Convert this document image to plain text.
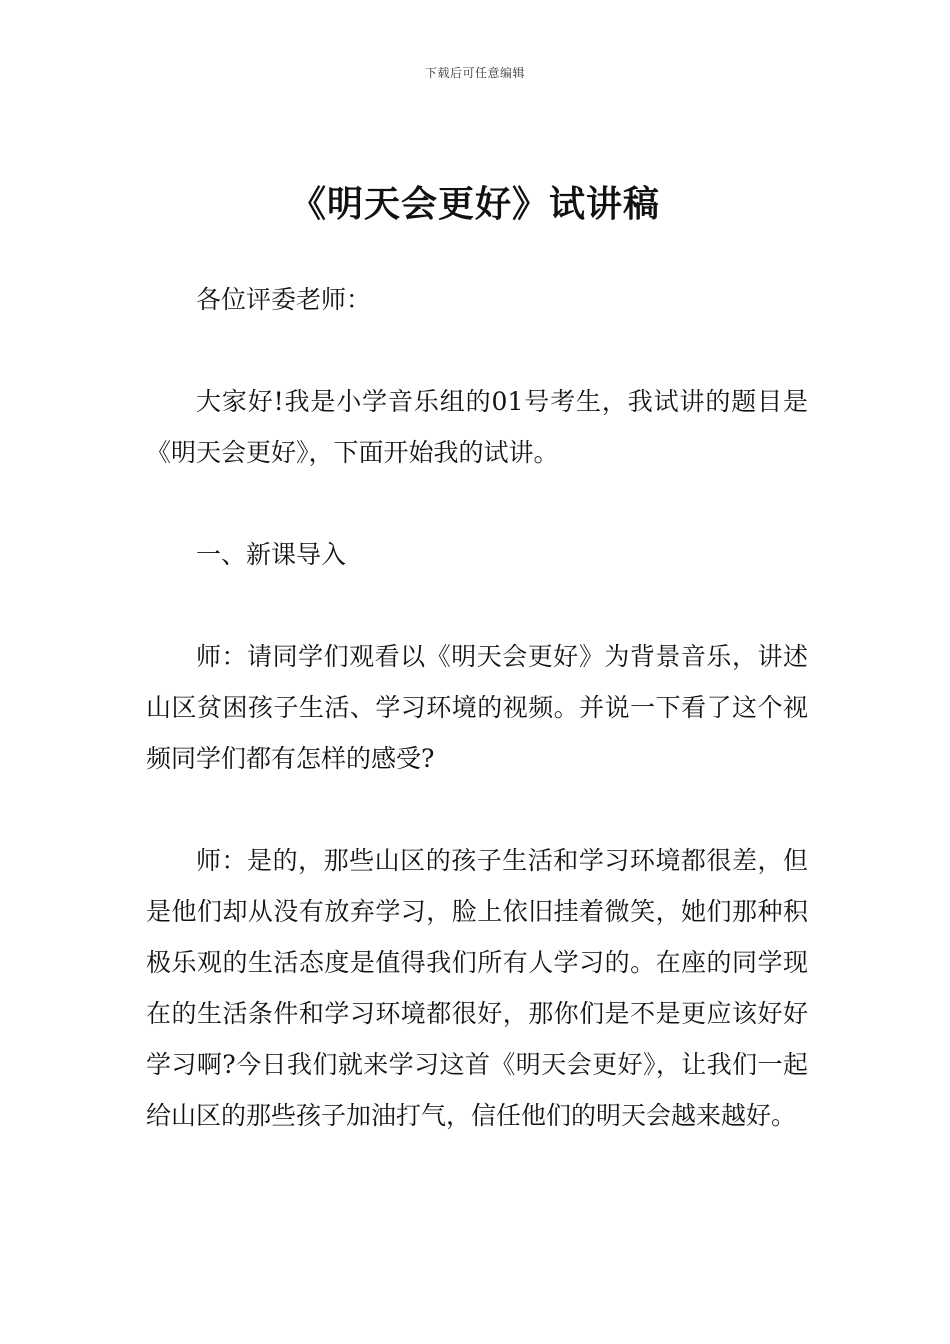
下载后可任意编辑
《明天会更好》试讲稿

各位评委老师：

大家好!我是小学音乐组的01号考生，我试讲的题目是《明天会更好》，下面开始我的试讲。

一、新课导入

师：请同学们观看以《明天会更好》为背景音乐，讲述山区贫困孩子生活、学习环境的视频。并说一下看了这个视频同学们都有怎样的感受?

师：是的，那些山区的孩子生活和学习环境都很差，但是他们却从没有放弃学习，脸上依旧挂着微笑，她们那种积极乐观的生活态度是值得我们所有人学习的。在座的同学现在的生活条件和学习环境都很好，那你们是不是更应该好好学习啊?今日我们就来学习这首《明天会更好》，让我们一起给山区的那些孩子加油打气，信任他们的明天会越来越好。
